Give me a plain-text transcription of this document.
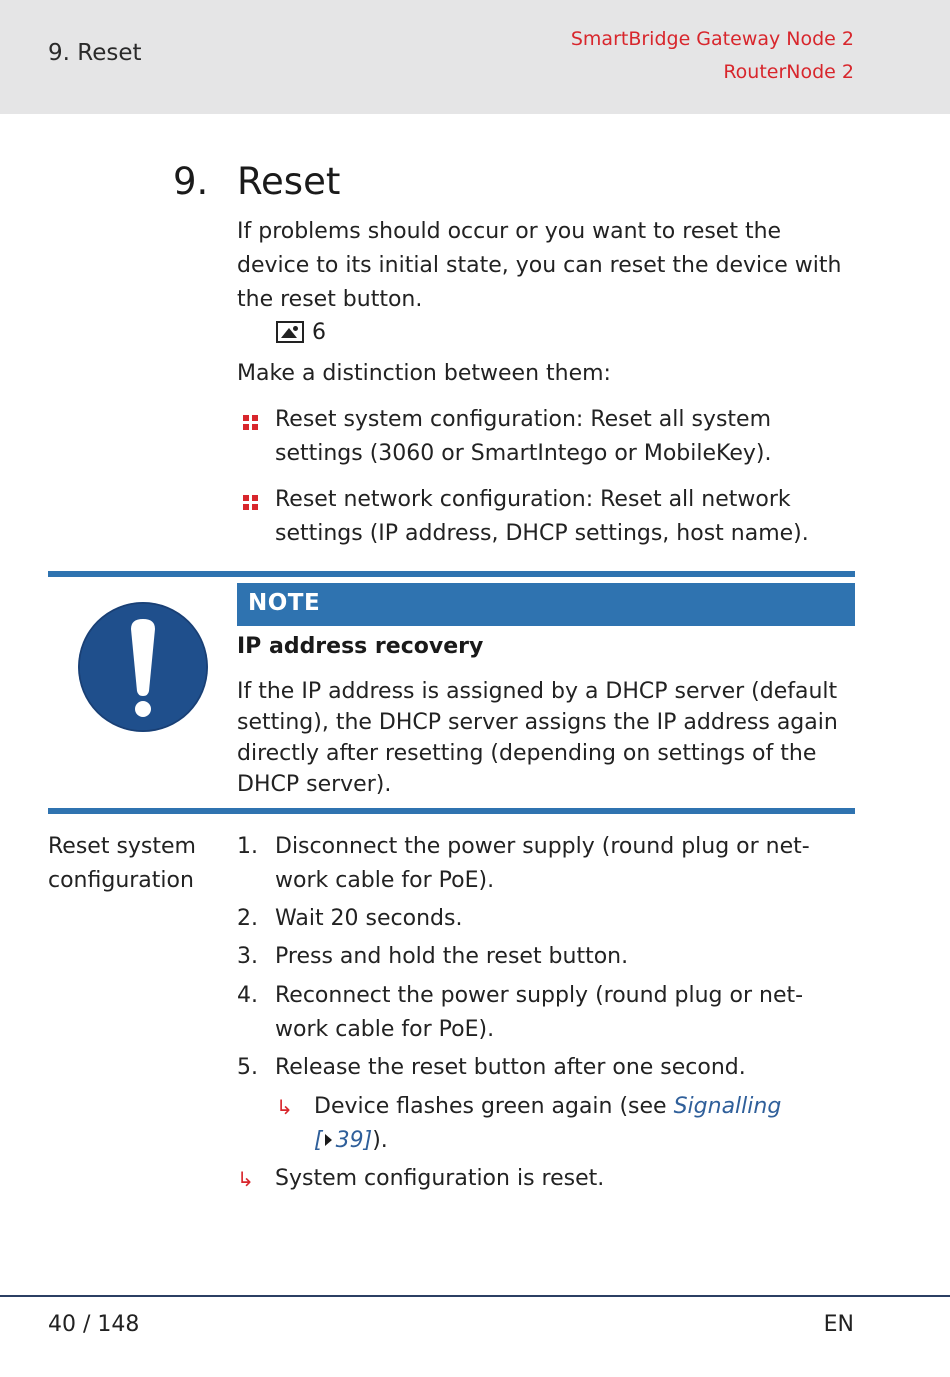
9. Reset
SmartBridge Gateway Node 2
RouterNode 2
9. Reset
If problems should occur or you want to reset the device to its initial state, you can reset the device with the reset button.
6
Make a distinction between them:
Reset system configuration: Reset all system settings (3060 or SmartIntego or MobileKey).
Reset network configuration: Reset all network settings (IP address, DHCP settings, host name).
NOTE
IP address recovery
If the IP address is assigned by a DHCP server (default setting), the DHCP server assigns the IP address again directly after resetting (depending on settings of the DHCP server).
Reset system configuration
1. Disconnect the power supply (round plug or net- work cable for PoE).
2. Wait 20 seconds.
3. Press and hold the reset button.
4. Reconnect the power supply (round plug or net- work cable for PoE).
5. Release the reset button after one second.
↳ Device flashes green again (see Signalling
[ 39]).
↳ System configuration is reset.
40 / 148	EN
